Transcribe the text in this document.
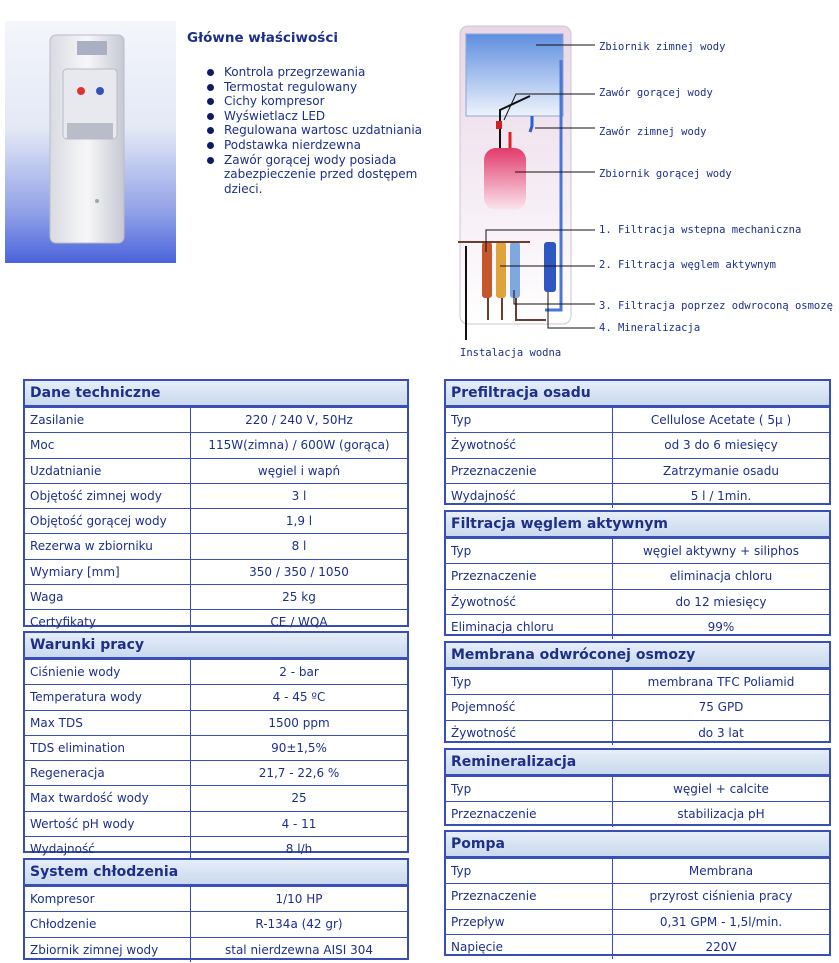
Główne właściwości
Kontrola przegrzewania
Termostat regulowany
Cichy kompresor
Wyświetlacz LED
Regulowana wartosc uzdatniania
Podstawka nierdzewna
Zawór gorącej wody posiada zabezpieczenie przed dostępem dzieci.
Zbiornik zimnej wody
Zawór gorącej wody
Zawór zimnej wody
Zbiornik gorącej wody
1. Filtracja wstepna mechaniczna
2. Filtracja węglem aktywnym
3. Filtracja poprzez odwroconą osmozę
4. Mineralizacja
Instalacja wodna
Dane techniczne
Zasilanie	220 / 240 V, 50Hz
Moc	115W(zimna) / 600W (gorąca)
Uzdatnianie	węgiel i wapń
Objętość zimnej wody	3 l
Objętość gorącej wody	1,9 l
Rezerwa w zbiorniku	8 l
Wymiary [mm]	350 / 350 / 1050
Waga	25 kg
Certyfikaty	CE / WQA
Warunki pracy
Ciśnienie wody	2 - bar
Temperatura wody	4 - 45 ºC
Max TDS	1500 ppm
TDS elimination	90±1,5%
Regeneracja	21,7 - 22,6 %
Max twardość wody	25
Wertość pH wody	4 - 11
Wydajność	8 l/h
System chłodzenia
Kompresor	1/10 HP
Chłodzenie	R-134a (42 gr)
Zbiornik zimnej wody	stal nierdzewna AISI 304
Prefiltracja osadu
Typ	Cellulose Acetate ( 5µ )
Żywotność	od 3 do 6 miesięcy
Przeznaczenie	Zatrzymanie osadu
Wydajność	5 l / 1min.
Filtracja węglem aktywnym
Typ	węgiel aktywny + siliphos
Przeznaczenie	eliminacja chloru
Żywotność	do 12 miesięcy
Eliminacja chloru	99%
Membrana odwróconej osmozy
Typ	membrana TFC Poliamid
Pojemność	75 GPD
Żywotność	do 3 lat
Remineralizacja
Typ	węgiel + calcite
Przeznaczenie	stabilizacja pH
Pompa
Typ	Membrana
Przeznaczenie	przyrost ciśnienia pracy
Przepływ	0,31 GPM - 1,5l/min.
Napięcie	220V
